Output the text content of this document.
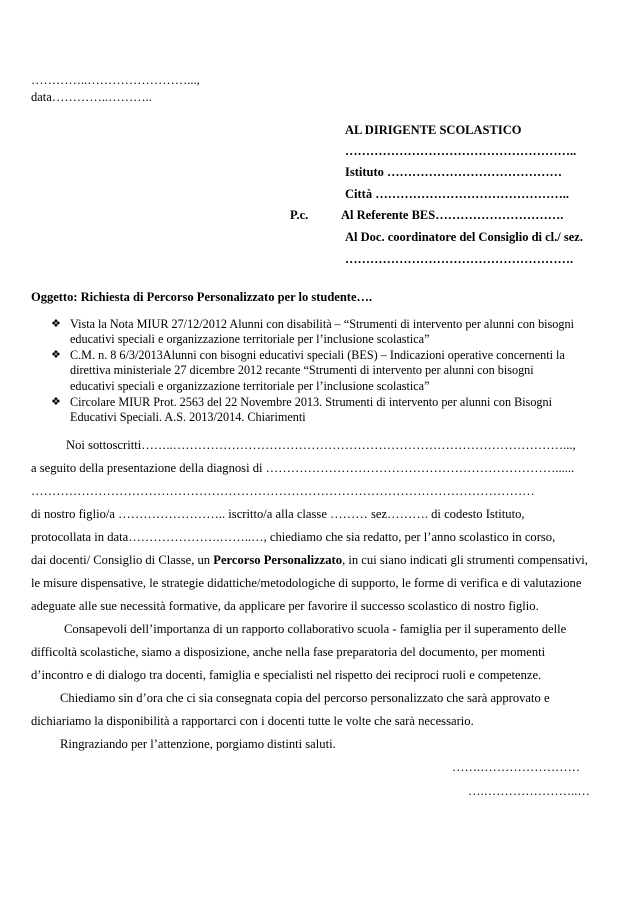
…………..……………………...,
data…………..………..
AL DIRIGENTE SCOLASTICO
………………………………………………..
Istituto ……………………………………
Città ………………………………………..
P.c.	Al Referente BES………………………….
Al Doc. coordinatore del Consiglio di cl./ sez.
……………………………………………….
Oggetto: Richiesta di Percorso Personalizzato per lo studente….
❖ Vista la Nota MIUR 27/12/2012 Alunni con disabilità – “Strumenti di intervento per alunni con bisogni
educativi speciali e organizzazione territoriale per l’inclusione scolastica”
❖ C.M. n. 8 6/3/2013Alunni con bisogni educativi speciali (BES) – Indicazioni operative concernenti la
direttiva ministeriale 27 dicembre 2012 recante “Strumenti di intervento per alunni con bisogni
educativi speciali e organizzazione territoriale per l’inclusione scolastica”
❖ Circolare MIUR Prot. 2563 del 22 Novembre 2013. Strumenti di intervento per alunni con Bisogni
Educativi Speciali. A.S. 2013/2014. Chiarimenti
Noi sottoscritti……..…………………………………………………………………………………...,
a seguito della presentazione della diagnosi di ……………………………………………………………......
…………………………………………………………………………………………………………
di nostro figlio/a …………………….. iscritto/a alla classe ……… sez………. di codesto Istituto,
protocollata in data………………….……..…, chiediamo che sia redatto, per l’anno scolastico in corso,
dai docenti/ Consiglio di Classe, un Percorso Personalizzato, in cui siano indicati gli strumenti compensativi,
le misure dispensative, le strategie didattiche/metodologiche di supporto, le forme di verifica e di valutazione
adeguate alle sue necessità formative, da applicare per favorire il successo scolastico di nostro figlio.
Consapevoli dell’importanza di un rapporto collaborativo scuola - famiglia per il superamento delle
difficoltà scolastiche, siamo a disposizione, anche nella fase preparatoria del documento, per momenti
d’incontro e di dialogo tra docenti, famiglia e specialisti nel rispetto dei reciproci ruoli e competenze.
Chiediamo sin d’ora che ci sia consegnata copia del percorso personalizzato che sarà approvato e
dichiariamo la disponibilità a rapportarci con i docenti tutte le volte che sarà necessario.
Ringraziando per l’attenzione, porgiamo distinti saluti.
…….……………………
….…………………..…
